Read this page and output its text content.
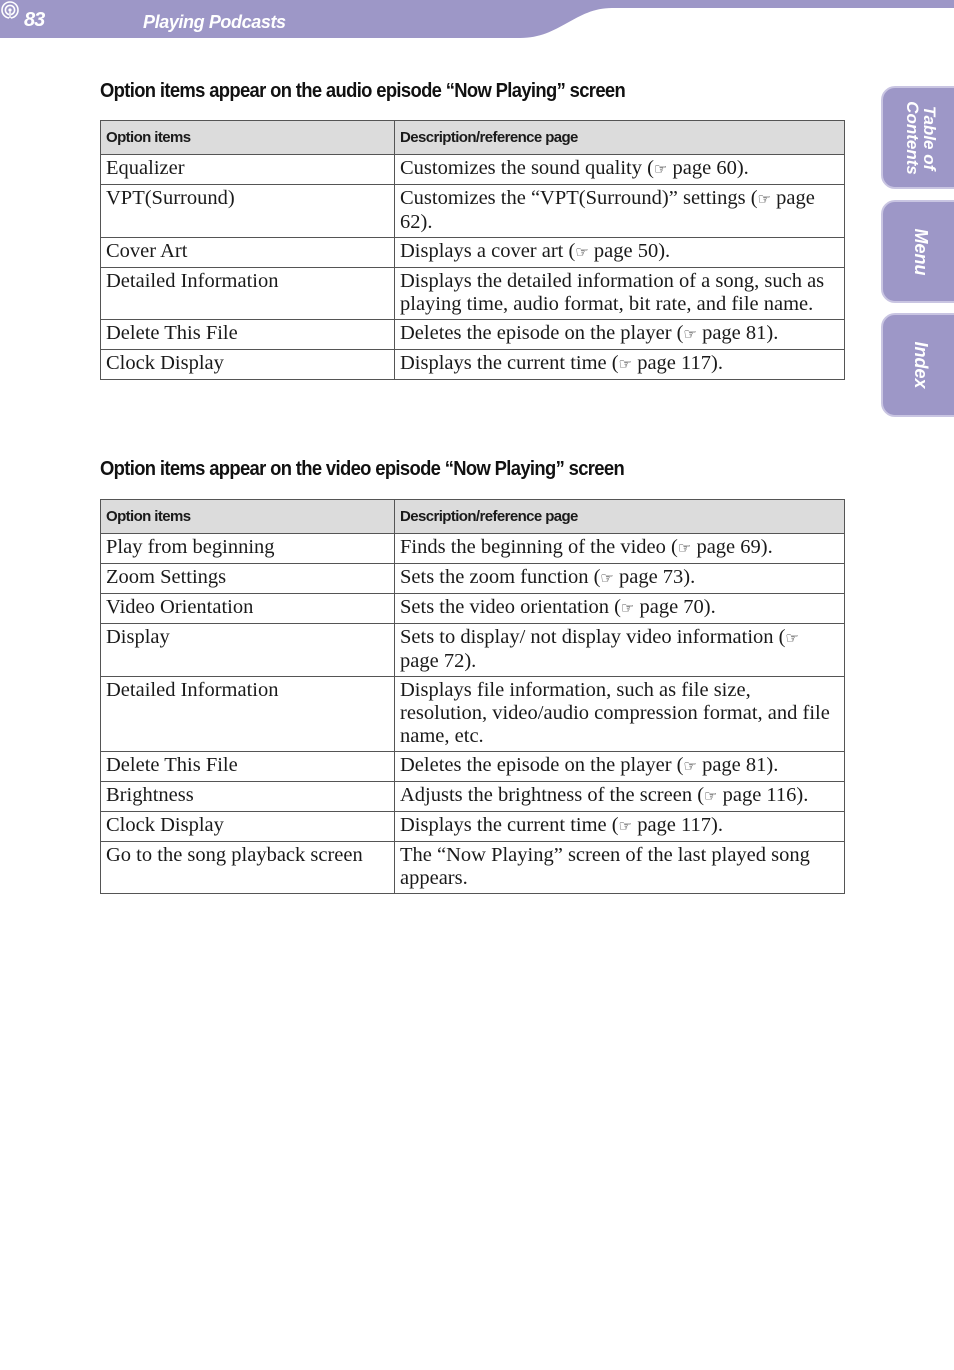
83	Playing Podcasts
Table of
Contents
Menu
Index
Option items appear on the audio episode “Now Playing” screen
Option items	Description/reference page
Equalizer	Customizes the sound quality (☞ page 60).
VPT(Surround)	Customizes the “VPT(Surround)” settings (☞ page 62).
Cover Art	Displays a cover art (☞ page 50).
Detailed Information	Displays the detailed information of a song, such as playing time, audio format, bit rate, and file name.
Delete This File	Deletes the episode on the player (☞ page 81).
Clock Display	Displays the current time (☞ page 117).
Option items appear on the video episode “Now Playing” screen
Option items	Description/reference page
Play from beginning	Finds the beginning of the video (☞ page 69).
Zoom Settings	Sets the zoom function (☞ page 73).
Video Orientation	Sets the video orientation (☞ page 70).
Display	Sets to display/ not display video information (☞ page 72).
Detailed Information	Displays file information, such as file size, resolution, video/audio compression format, and file name, etc.
Delete This File	Deletes the episode on the player (☞ page 81).
Brightness	Adjusts the brightness of the screen (☞ page 116).
Clock Display	Displays the current time (☞ page 117).
Go to the song playback screen	The “Now Playing” screen of the last played song appears.
